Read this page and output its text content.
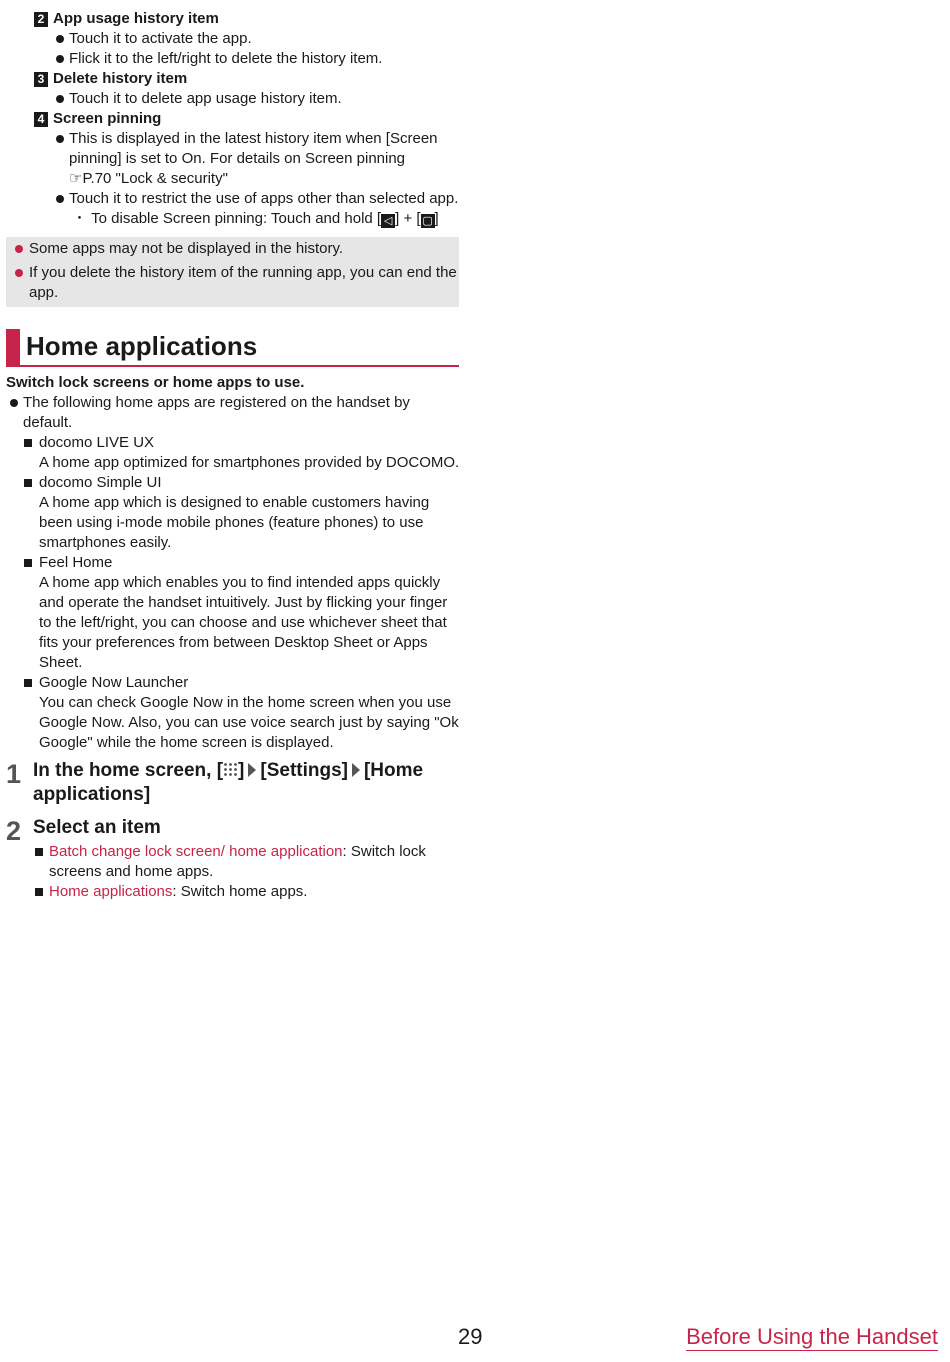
2 App usage history item
Touch it to activate the app.
Flick it to the left/right to delete the history item.
3 Delete history item
Touch it to delete app usage history item.
4 Screen pinning
This is displayed in the latest history item when [Screen
pinning] is set to On. For details on Screen pinning
☞P.70 "Lock & security"
Touch it to restrict the use of apps other than selected app.
・ To disable Screen pinning: Touch and hold [ ◁ ] + [ ▢ ]
Some apps may not be displayed in the history.
If you delete the history item of the running app, you can end the
app.
Home applications
Switch lock screens or home apps to use.
The following home apps are registered on the handset by
default.
docomo LIVE UX
A home app optimized for smartphones provided by DOCOMO.
docomo Simple UI
A home app which is designed to enable customers having
been using i-mode mobile phones (feature phones) to use
smartphones easily.
Feel Home
A home app which enables you to find intended apps quickly
and operate the handset intuitively. Just by flicking your finger
to the left/right, you can choose and use whichever sheet that
fits your preferences from between Desktop Sheet or Apps
Sheet.
Google Now Launcher
You can check Google Now in the home screen when you use
Google Now. Also, you can use voice search just by saying "Ok
Google" while the home screen is displayed.
1 In the home screen, [ ] [Settings] [Home
applications]
2 Select an item
Batch change lock screen/ home application: Switch lock
screens and home apps.
Home applications: Switch home apps.
29	Before Using the Handset
